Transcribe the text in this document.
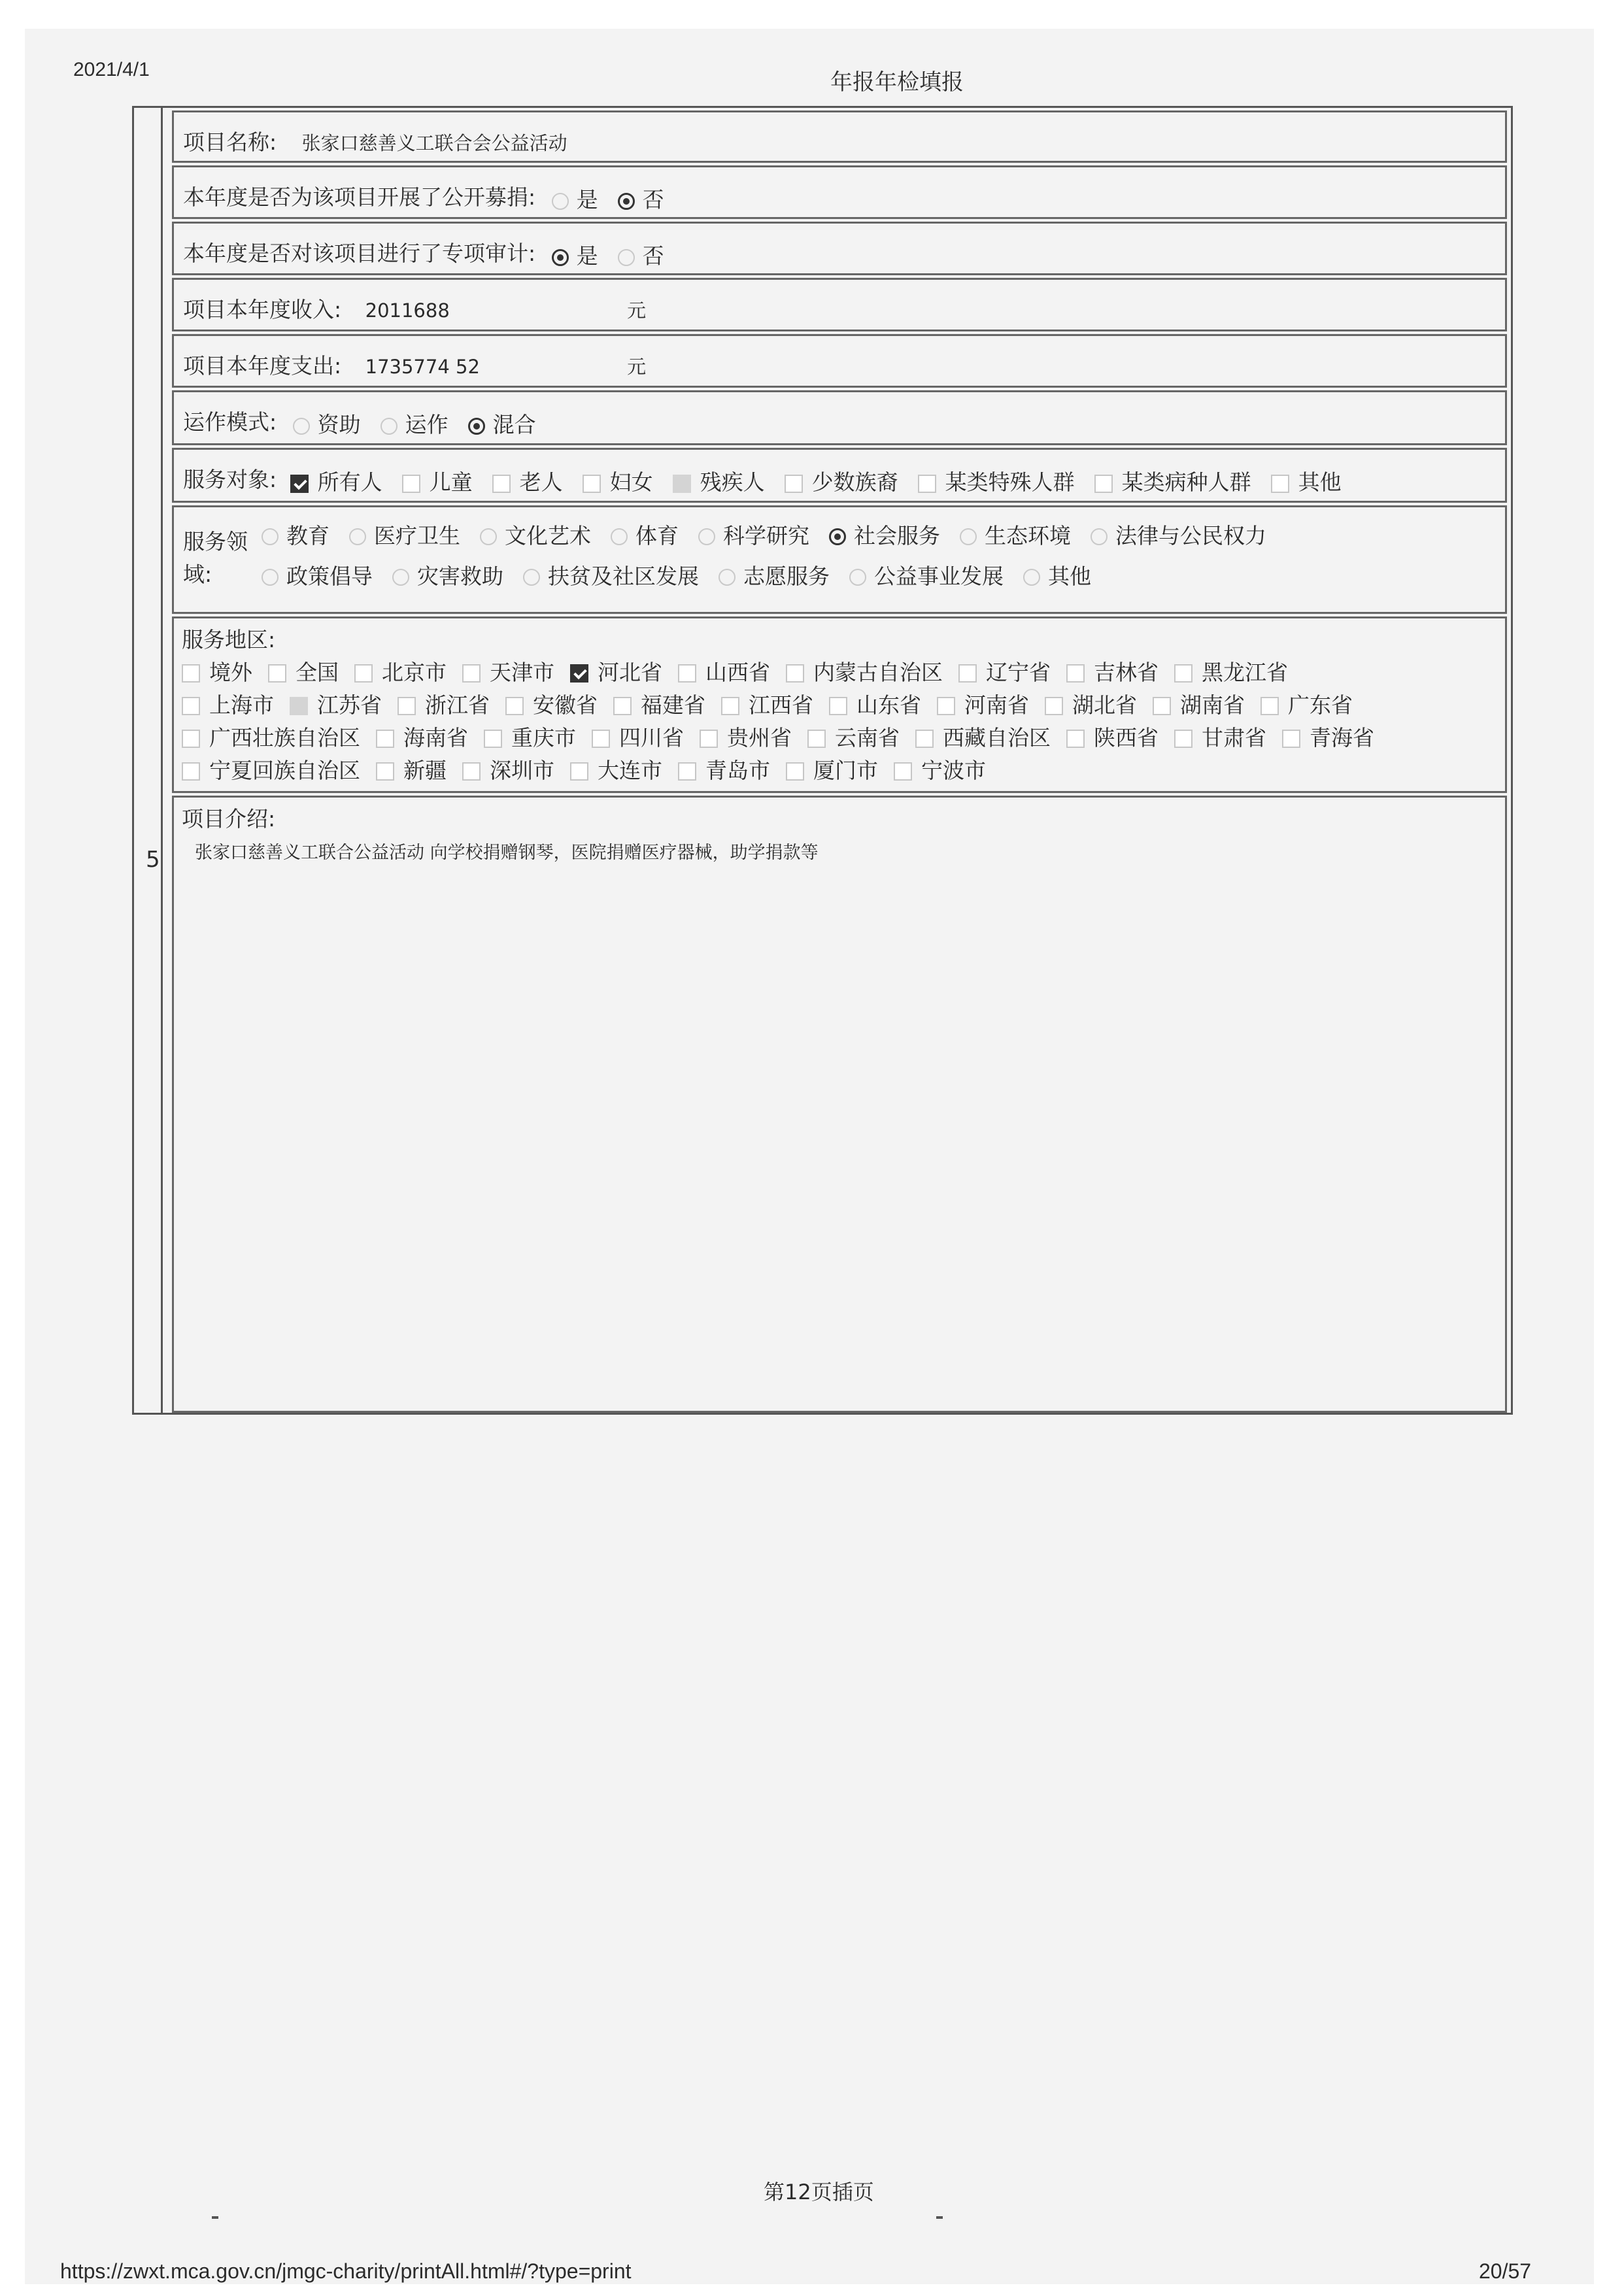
2021/4/1	年报年检填报
5
项目名称: 张家口慈善义工联合会公益活动
本年度是否为该项目开展了公开募捐: 是 否
本年度是否对该项目进行了专项审计: 是 否
项目本年度收入: 2011688	元
项目本年度支出: 1735774 52	元
运作模式: 资助 运作 混合
服务对象: 所有人 儿童 老人 妇女 残疾人 少数族裔 某类特殊人群 某类病种人群 其他
服务领
域:
教育 医疗卫生 文化艺术 体育 科学研究 社会服务 生态环境 法律与公民权力
政策倡导 灾害救助 扶贫及社区发展 志愿服务 公益事业发展 其他
服务地区:
境外 全国 北京市 天津市 河北省 山西省 内蒙古自治区 辽宁省 吉林省 黑龙江省
上海市 江苏省 浙江省 安徽省 福建省 江西省 山东省 河南省 湖北省 湖南省 广东省
广西壮族自治区 海南省 重庆市 四川省 贵州省 云南省 西藏自治区 陕西省 甘肃省 青海省
宁夏回族自治区 新疆 深圳市 大连市 青岛市 厦门市 宁波市
项目介绍:
张家口慈善义工联合公益活动 向学校捐赠钢琴，医院捐赠医疗器械，助学捐款等
第12页插页
https://zwxt.mca.gov.cn/jmgc-charity/printAll.html#/?type=print	20/57
